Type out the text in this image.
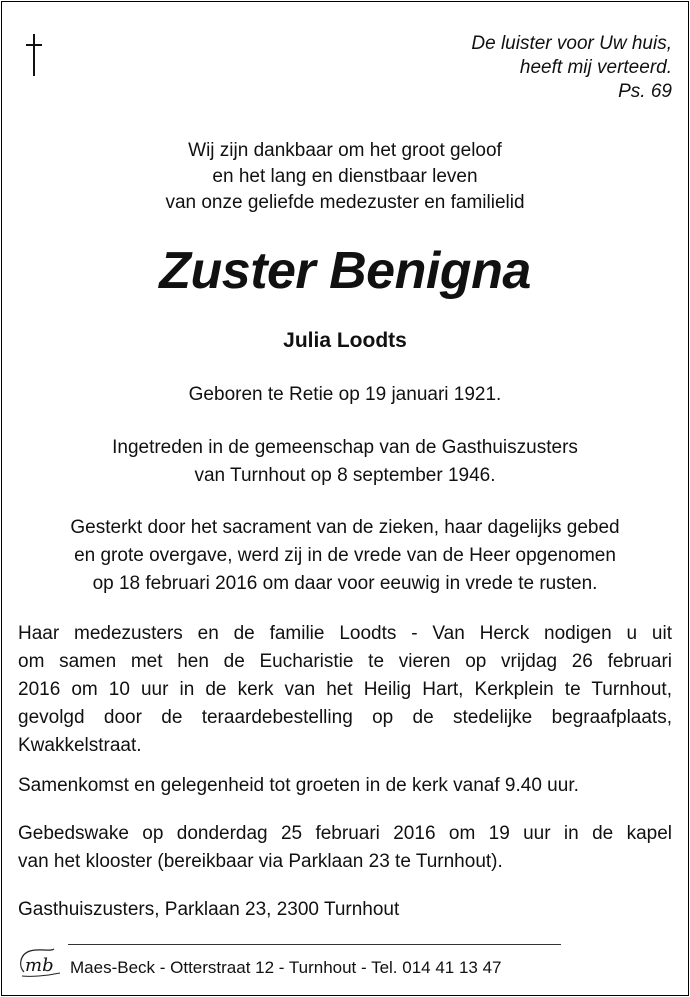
De luister voor Uw huis,
heeft mij verteerd.
Ps. 69
Wij zijn dankbaar om het groot geloof
en het lang en dienstbaar leven
van onze geliefde medezuster en familielid
Zuster Benigna
Julia Loodts
Geboren te Retie op 19 januari 1921.
Ingetreden in de gemeenschap van de Gasthuiszusters
van Turnhout op 8 september 1946.
Gesterkt door het sacrament van de zieken, haar dagelijks gebed
en grote overgave, werd zij in de vrede van de Heer opgenomen
op 18 februari 2016 om daar voor eeuwig in vrede te rusten.
Haar medezusters en de familie Loodts - Van Herck nodigen u uit
om samen met hen de Eucharistie te vieren op vrijdag 26 februari
2016 om 10 uur in de kerk van het Heilig Hart, Kerkplein te Turnhout,
gevolgd door de teraardebestelling op de stedelijke begraafplaats,
Kwakkelstraat.
Samenkomst en gelegenheid tot groeten in de kerk vanaf 9.40 uur.
Gebedswake op donderdag 25 februari 2016 om 19 uur in de kapel
van het klooster (bereikbaar via Parklaan 23 te Turnhout).
Gasthuiszusters, Parklaan 23, 2300 Turnhout
mb Maes-Beck - Otterstraat 12 - Turnhout - Tel. 014 41 13 47
